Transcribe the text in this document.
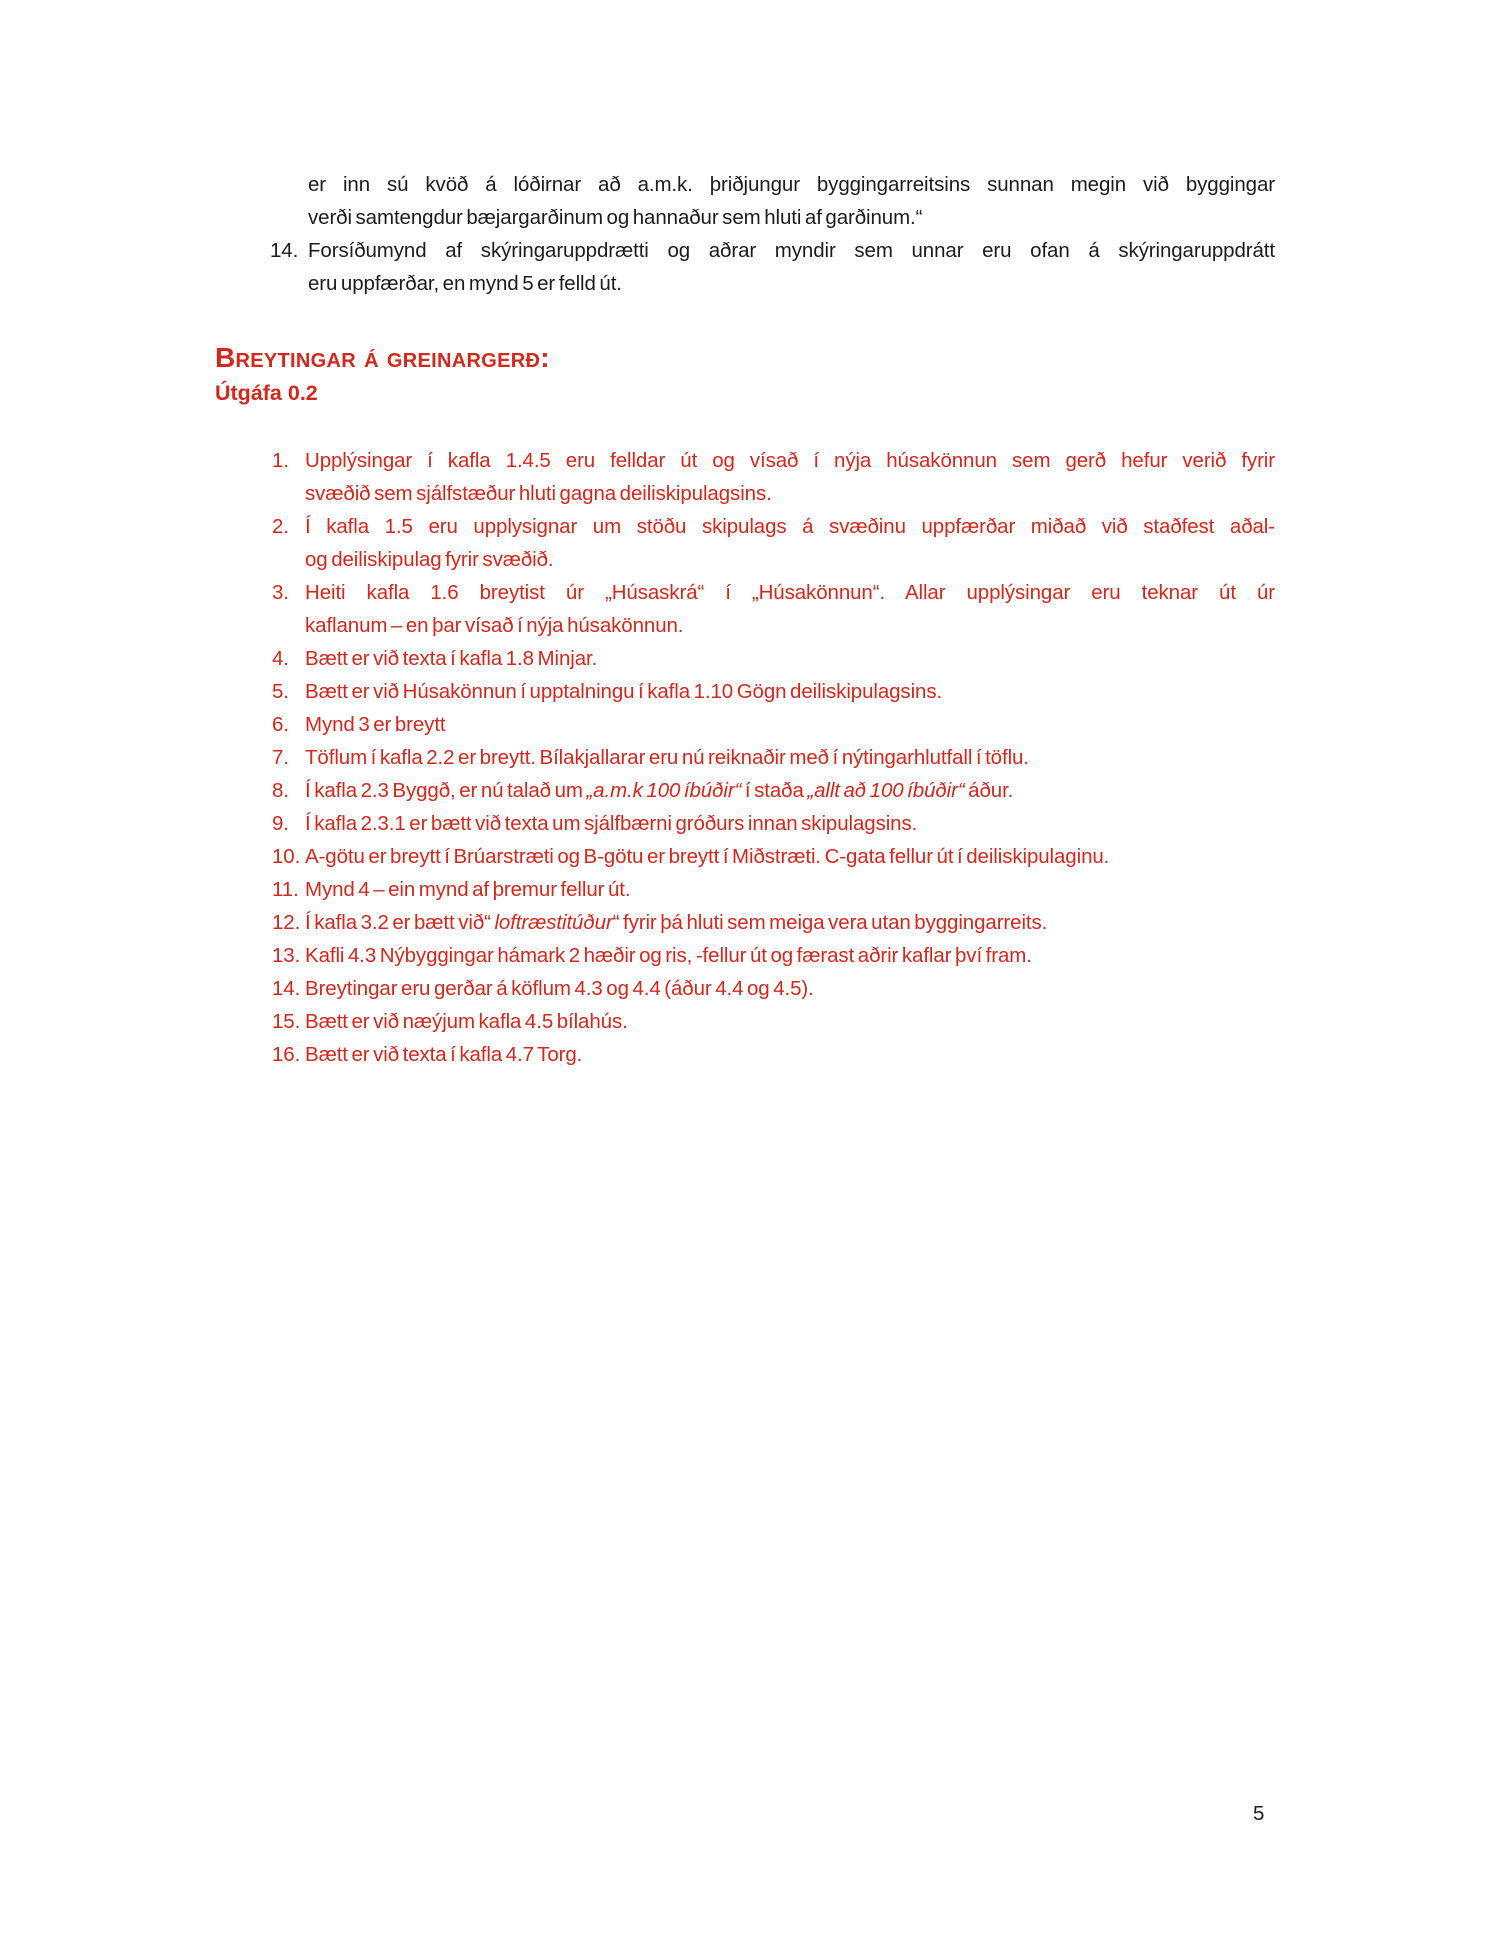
er inn sú kvöð á lóðirnar að a.m.k. þriðjungur byggingarreitsins sunnan megin við byggingar
verði samtengdur bæjargarðinum og hannaður sem hluti af garðinum.“
14. Forsíðumynd af skýringaruppdrætti og aðrar myndir sem unnar eru ofan á skýringaruppdrátt
eru uppfærðar, en mynd 5 er felld út.
Breytingar á greinargerð:
Útgáfa 0.2
1. Upplýsingar í kafla 1.4.5 eru felldar út og vísað í nýja húsakönnun sem gerð hefur verið fyrir
svæðið sem sjálfstæður hluti gagna deiliskipulagsins.
2. Í kafla 1.5 eru upplysignar um stöðu skipulags á svæðinu uppfærðar miðað við staðfest aðal-
og deiliskipulag fyrir svæðið.
3. Heiti kafla 1.6 breytist úr „Húsaskrá“ í „Húsakönnun“. Allar upplýsingar eru teknar út úr
kaflanum – en þar vísað í nýja húsakönnun.
4. Bætt er við texta í kafla 1.8 Minjar.
5. Bætt er við Húsakönnun í upptalningu í kafla 1.10 Gögn deiliskipulagsins.
6. Mynd 3 er breytt
7. Töflum í kafla 2.2 er breytt. Bílakjallarar eru nú reiknaðir með í nýtingarhlutfall í töflu.
8. Í kafla 2.3 Byggð, er nú talað um „a.m.k 100 íbúðir“ í staða „allt að 100 íbúðir“ áður.
9. Í kafla 2.3.1 er bætt við texta um sjálfbærni gróðurs innan skipulagsins.
10. A-götu er breytt í Brúarstræti og B-götu er breytt í Miðstræti. C-gata fellur út í deiliskipulaginu.
11. Mynd 4 – ein mynd af þremur fellur út.
12. Í kafla 3.2 er bætt við“ loftræstitúður“ fyrir þá hluti sem meiga vera utan byggingarreits.
13. Kafli 4.3 Nýbyggingar hámark 2 hæðir og ris, -fellur út og færast aðrir kaflar því fram.
14. Breytingar eru gerðar á köflum 4.3 og 4.4 (áður 4.4 og 4.5).
15. Bætt er við næýjum kafla 4.5 bílahús.
16. Bætt er við texta í kafla 4.7 Torg.
5
